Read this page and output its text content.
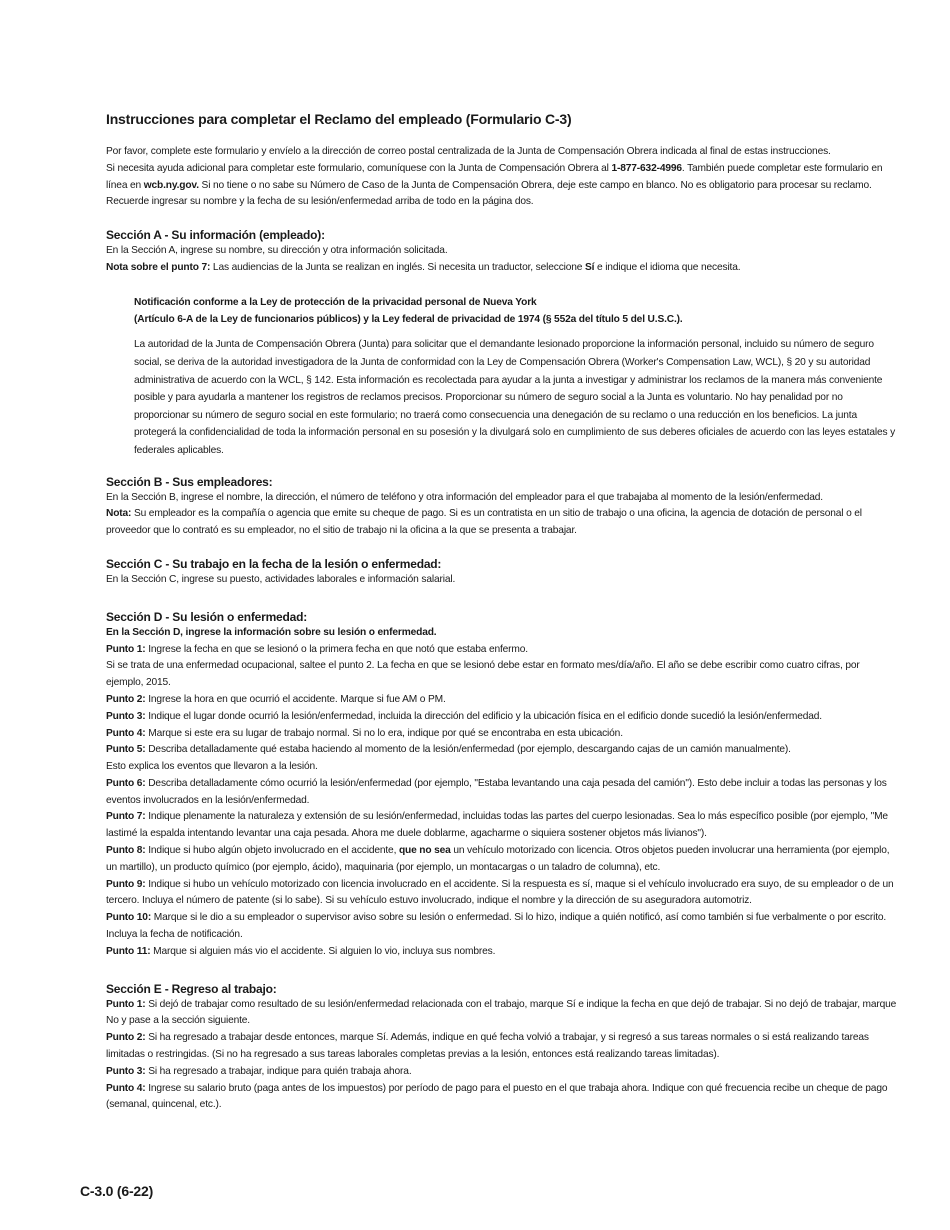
Instrucciones para completar el Reclamo del empleado (Formulario C-3)

Por favor, complete este formulario y envíelo a la dirección de correo postal centralizada de la Junta de Compensación Obrera indicada al final de estas instrucciones.

Si necesita ayuda adicional para completar este formulario, comuníquese con la Junta de Compensación Obrera al 1-877-632-4996. También puede completar este formulario en línea en wcb.ny.gov. Si no tiene o no sabe su Número de Caso de la Junta de Compensación Obrera, deje este campo en blanco. No es obligatorio para procesar su reclamo. Recuerde ingresar su nombre y la fecha de su lesión/enfermedad arriba de todo en la página dos.

Sección A - Su información (empleado):

En la Sección A, ingrese su nombre, su dirección y otra información solicitada.

Nota sobre el punto 7: Las audiencias de la Junta se realizan en inglés. Si necesita un traductor, seleccione Sí e indique el idioma que necesita.

Notificación conforme a la Ley de protección de la privacidad personal de Nueva York
(Artículo 6-A de la Ley de funcionarios públicos) y la Ley federal de privacidad de 1974 (§ 552a del título 5 del U.S.C.).

La autoridad de la Junta de Compensación Obrera (Junta) para solicitar que el demandante lesionado proporcione la información personal, incluido su número de seguro social, se deriva de la autoridad investigadora de la Junta de conformidad con la Ley de Compensación Obrera (Worker's Compensation Law, WCL), § 20 y su autoridad administrativa de acuerdo con la WCL, § 142. Esta información es recolectada para ayudar a la junta a investigar y administrar los reclamos de la manera más conveniente posible y para ayudarla a mantener los registros de reclamos precisos. Proporcionar su número de seguro social a la Junta es voluntario. No hay penalidad por no proporcionar su número de seguro social en este formulario; no traerá como consecuencia una denegación de su reclamo o una reducción en los beneficios. La junta protegerá la confidencialidad de toda la información personal en su posesión y la divulgará solo en cumplimiento de sus deberes oficiales de acuerdo con las leyes estatales y federales aplicables.

Sección B - Sus empleadores:

En la Sección B, ingrese el nombre, la dirección, el número de teléfono y otra información del empleador para el que trabajaba al momento de la lesión/enfermedad.

Nota: Su empleador es la compañía o agencia que emite su cheque de pago. Si es un contratista en un sitio de trabajo o una oficina, la agencia de dotación de personal o el proveedor que lo contrató es su empleador, no el sitio de trabajo ni la oficina a la que se presenta a trabajar.

Sección C - Su trabajo en la fecha de la lesión o enfermedad:

En la Sección C, ingrese su puesto, actividades laborales e información salarial.

Sección D - Su lesión o enfermedad:

En la Sección D, ingrese la información sobre su lesión o enfermedad.

Punto 1: Ingrese la fecha en que se lesionó o la primera fecha en que notó que estaba enfermo.

Si se trata de una enfermedad ocupacional, saltee el punto 2. La fecha en que se lesionó debe estar en formato mes/día/año. El año se debe escribir como cuatro cifras, por ejemplo, 2015.

Punto 2: Ingrese la hora en que ocurrió el accidente. Marque si fue AM o PM.

Punto 3: Indique el lugar donde ocurrió la lesión/enfermedad, incluida la dirección del edificio y la ubicación física en el edificio donde sucedió la lesión/enfermedad.

Punto 4: Marque si este era su lugar de trabajo normal. Si no lo era, indique por qué se encontraba en esta ubicación.

Punto 5: Describa detalladamente qué estaba haciendo al momento de la lesión/enfermedad (por ejemplo, descargando cajas de un camión manualmente).

Esto explica los eventos que llevaron a la lesión.

Punto 6: Describa detalladamente cómo ocurrió la lesión/enfermedad (por ejemplo, "Estaba levantando una caja pesada del camión"). Esto debe incluir a todas las personas y los eventos involucrados en la lesión/enfermedad.

Punto 7: Indique plenamente la naturaleza y extensión de su lesión/enfermedad, incluidas todas las partes del cuerpo lesionadas. Sea lo más específico posible (por ejemplo, "Me lastimé la espalda intentando levantar una caja pesada. Ahora me duele doblarme, agacharme o siquiera sostener objetos más livianos").

Punto 8: Indique si hubo algún objeto involucrado en el accidente, que no sea un vehículo motorizado con licencia. Otros objetos pueden involucrar una herramienta (por ejemplo, un martillo), un producto químico (por ejemplo, ácido), maquinaria (por ejemplo, un montacargas o un taladro de columna), etc.

Punto 9: Indique si hubo un vehículo motorizado con licencia involucrado en el accidente. Si la respuesta es sí, maque si el vehículo involucrado era suyo, de su empleador o de un tercero. Incluya el número de patente (si lo sabe). Si su vehículo estuvo involucrado, indique el nombre y la dirección de su aseguradora automotriz.

Punto 10: Marque si le dio a su empleador o supervisor aviso sobre su lesión o enfermedad. Si lo hizo, indique a quién notificó, así como también si fue verbalmente o por escrito. Incluya la fecha de notificación.

Punto 11: Marque si alguien más vio el accidente. Si alguien lo vio, incluya sus nombres.

Sección E - Regreso al trabajo:

Punto 1: Si dejó de trabajar como resultado de su lesión/enfermedad relacionada con el trabajo, marque Sí e indique la fecha en que dejó de trabajar. Si no dejó de trabajar, marque No y pase a la sección siguiente.

Punto 2: Si ha regresado a trabajar desde entonces, marque Sí. Además, indique en qué fecha volvió a trabajar, y si regresó a sus tareas normales o si está realizando tareas limitadas o restringidas. (Si no ha regresado a sus tareas laborales completas previas a la lesión, entonces está realizando tareas limitadas).

Punto 3: Si ha regresado a trabajar, indique para quién trabaja ahora.

Punto 4: Ingrese su salario bruto (paga antes de los impuestos) por período de pago para el puesto en el que trabaja ahora. Indique con qué frecuencia recibe un cheque de pago (semanal, quincenal, etc.).

C-3.0 (6-22)
